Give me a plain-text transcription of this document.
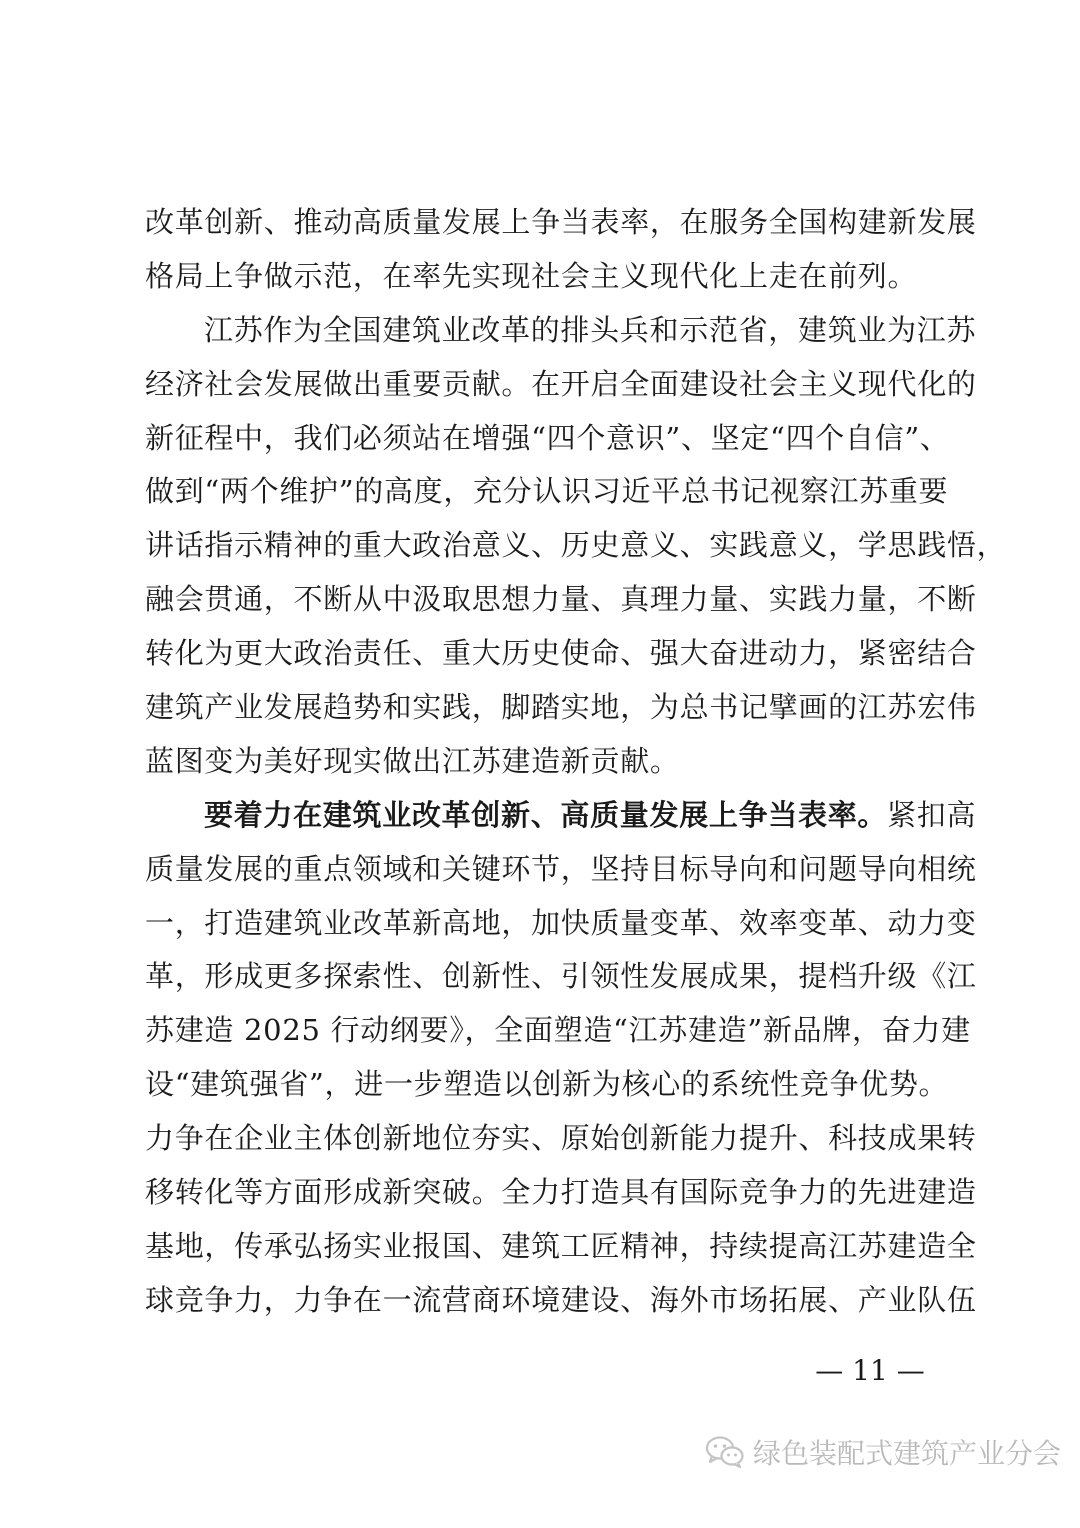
改革创新、推动高质量发展上争当表率，在服务全国构建新发展
格局上争做示范，在率先实现社会主义现代化上走在前列。
江苏作为全国建筑业改革的排头兵和示范省，建筑业为江苏
经济社会发展做出重要贡献。在开启全面建设社会主义现代化的
新征程中，我们必须站在增强“四个意识”、坚定“四个自信”、
做到“两个维护”的高度，充分认识习近平总书记视察江苏重要
讲话指示精神的重大政治意义、历史意义、实践意义，学思践悟，
融会贯通，不断从中汲取思想力量、真理力量、实践力量，不断
转化为更大政治责任、重大历史使命、强大奋进动力，紧密结合
建筑产业发展趋势和实践，脚踏实地，为总书记擘画的江苏宏伟
蓝图变为美好现实做出江苏建造新贡献。
要着力在建筑业改革创新、高质量发展上争当表率。紧扣高
质量发展的重点领域和关键环节，坚持目标导向和问题导向相统
一，打造建筑业改革新高地，加快质量变革、效率变革、动力变
革，形成更多探索性、创新性、引领性发展成果，提档升级《江
苏建造 2025 行动纲要》，全面塑造“江苏建造”新品牌，奋力建
设“建筑强省”，进一步塑造以创新为核心的系统性竞争优势。
力争在企业主体创新地位夯实、原始创新能力提升、科技成果转
移转化等方面形成新突破。全力打造具有国际竞争力的先进建造
基地，传承弘扬实业报国、建筑工匠精神，持续提高江苏建造全
球竞争力，力争在一流营商环境建设、海外市场拓展、产业队伍
— 11 —
绿色装配式建筑产业分会
